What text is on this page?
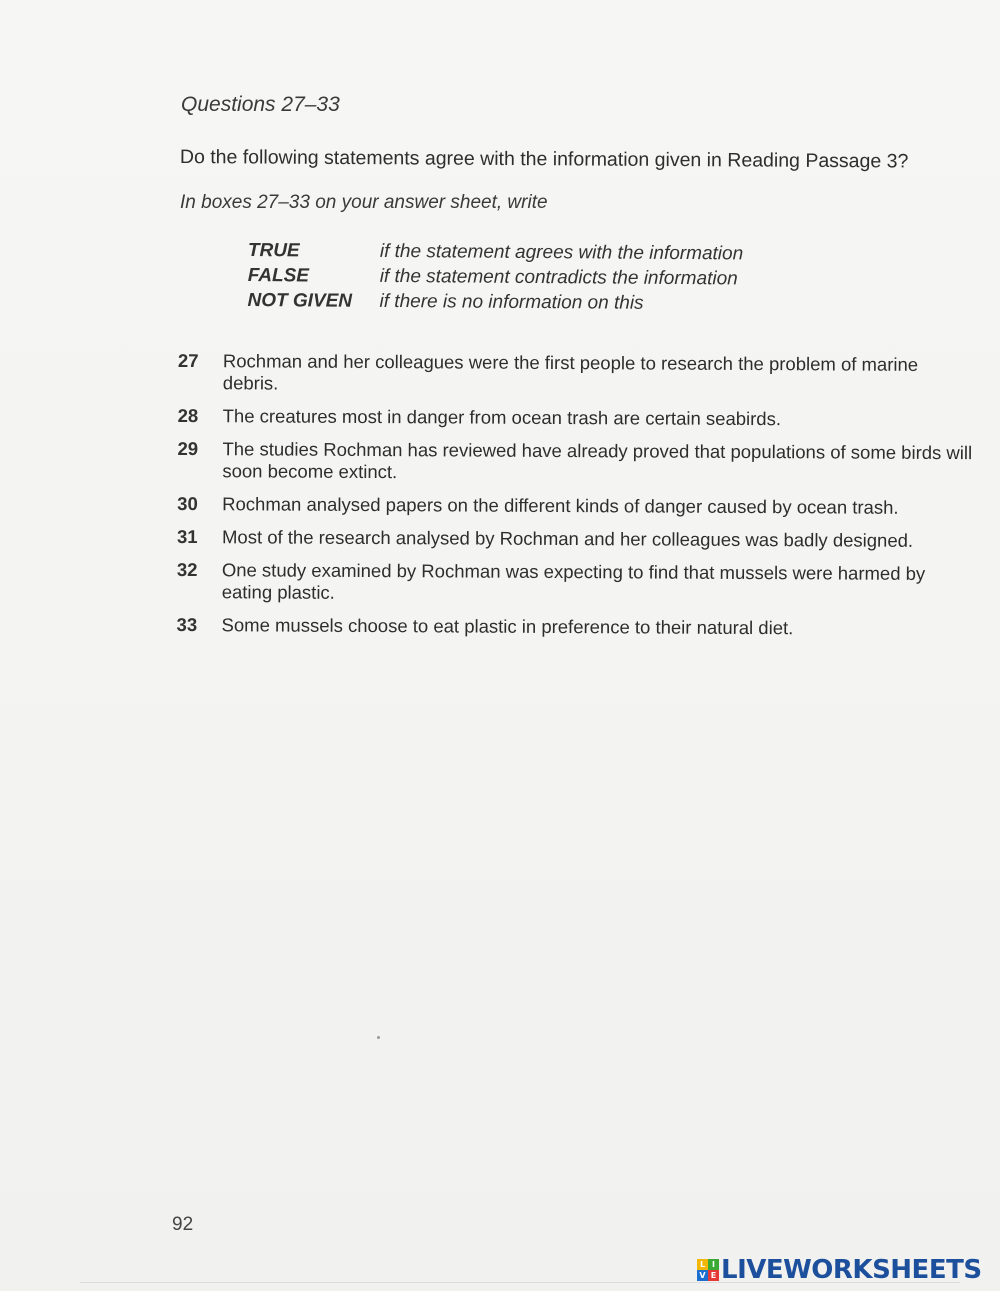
Questions 27–33
Do the following statements agree with the information given in Reading Passage 3?
In boxes 27–33 on your answer sheet, write
TRUE	if the statement agrees with the information
FALSE	if the statement contradicts the information
NOT GIVEN	if there is no information on this
27	Rochman and her colleagues were the first people to research the problem of marine debris.
28	The creatures most in danger from ocean trash are certain seabirds.
29	The studies Rochman has reviewed have already proved that populations of some birds will soon become extinct.
30	Rochman analysed papers on the different kinds of danger caused by ocean trash.
31	Most of the research analysed by Rochman and her colleagues was badly designed.
32	One study examined by Rochman was expecting to find that mussels were harmed by eating plastic.
33	Some mussels choose to eat plastic in preference to their natural diet.
92
L I
V E LIVEWORKSHEETS
